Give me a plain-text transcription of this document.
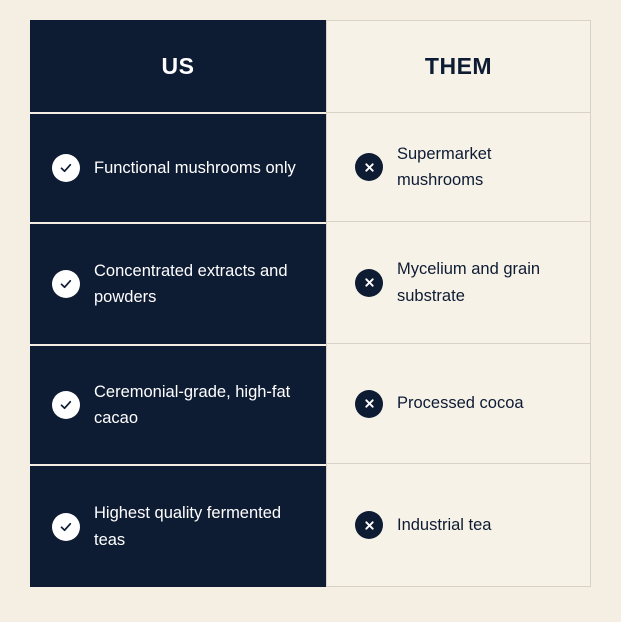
US
Functional mushrooms only
Concentrated extracts and powders
Ceremonial-grade, high-fat cacao
Highest quality fermented teas
THEM
Supermarket mushrooms
Mycelium and grain substrate
Processed cocoa
Industrial tea
